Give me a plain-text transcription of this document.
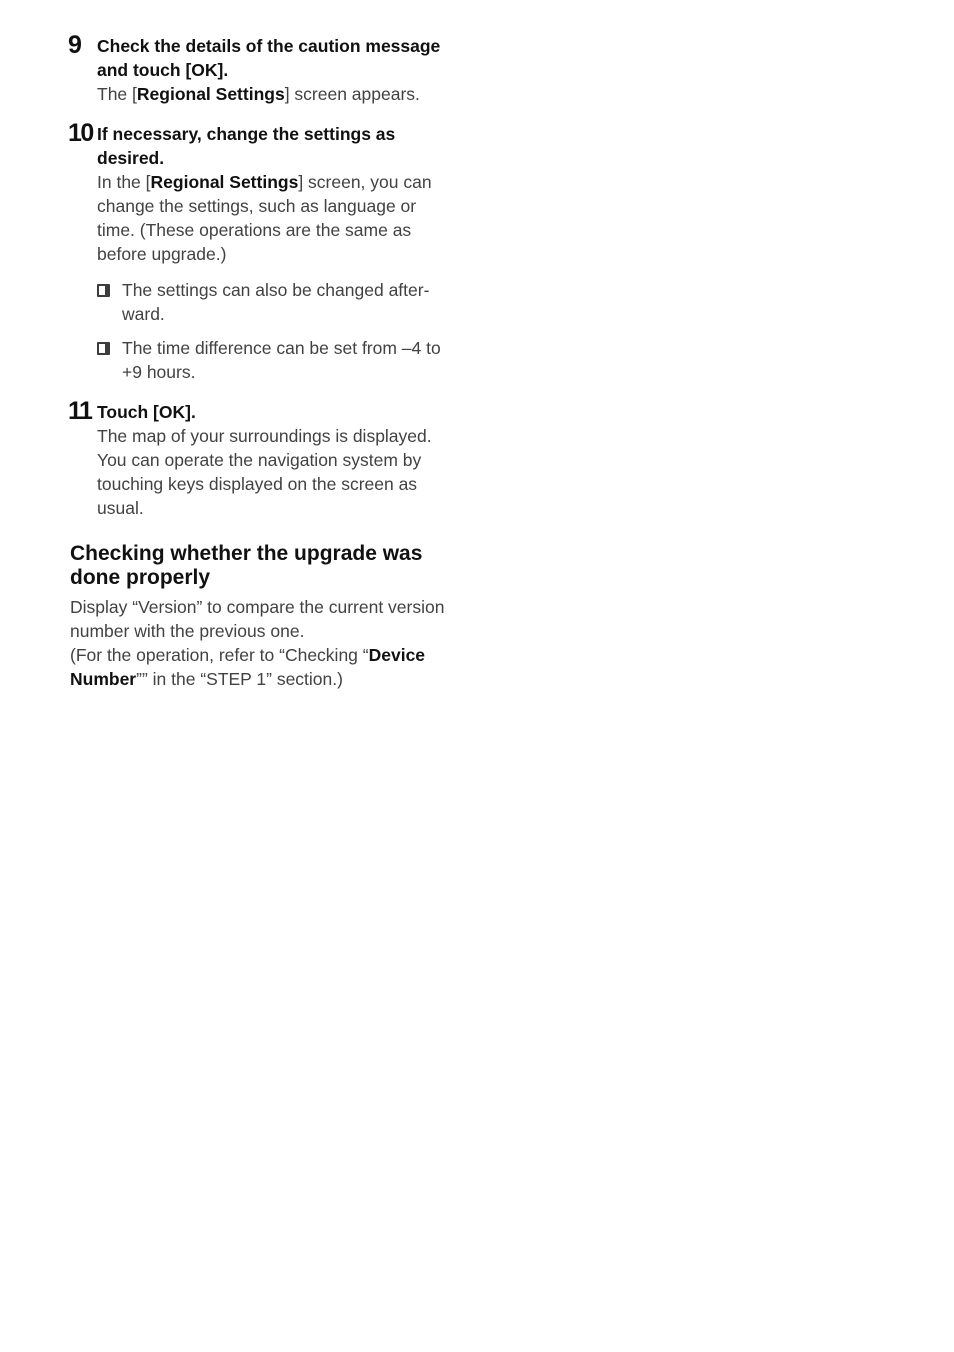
9 Check the details of the caution message
and touch [OK].
The [Regional Settings] screen appears.
10 If necessary, change the settings as
desired.
In the [Regional Settings] screen, you can
change the settings, such as language or
time. (These operations are the same as
before upgrade.)
The settings can also be changed after-
ward.
The time difference can be set from –4 to
+9 hours.
11 Touch [OK].
The map of your surroundings is displayed.
You can operate the navigation system by
touching keys displayed on the screen as
usual.
Checking whether the upgrade was
done properly
Display “Version” to compare the current version
number with the previous one.
(For the operation, refer to “Checking “Device
Number”” in the “STEP 1” section.)
